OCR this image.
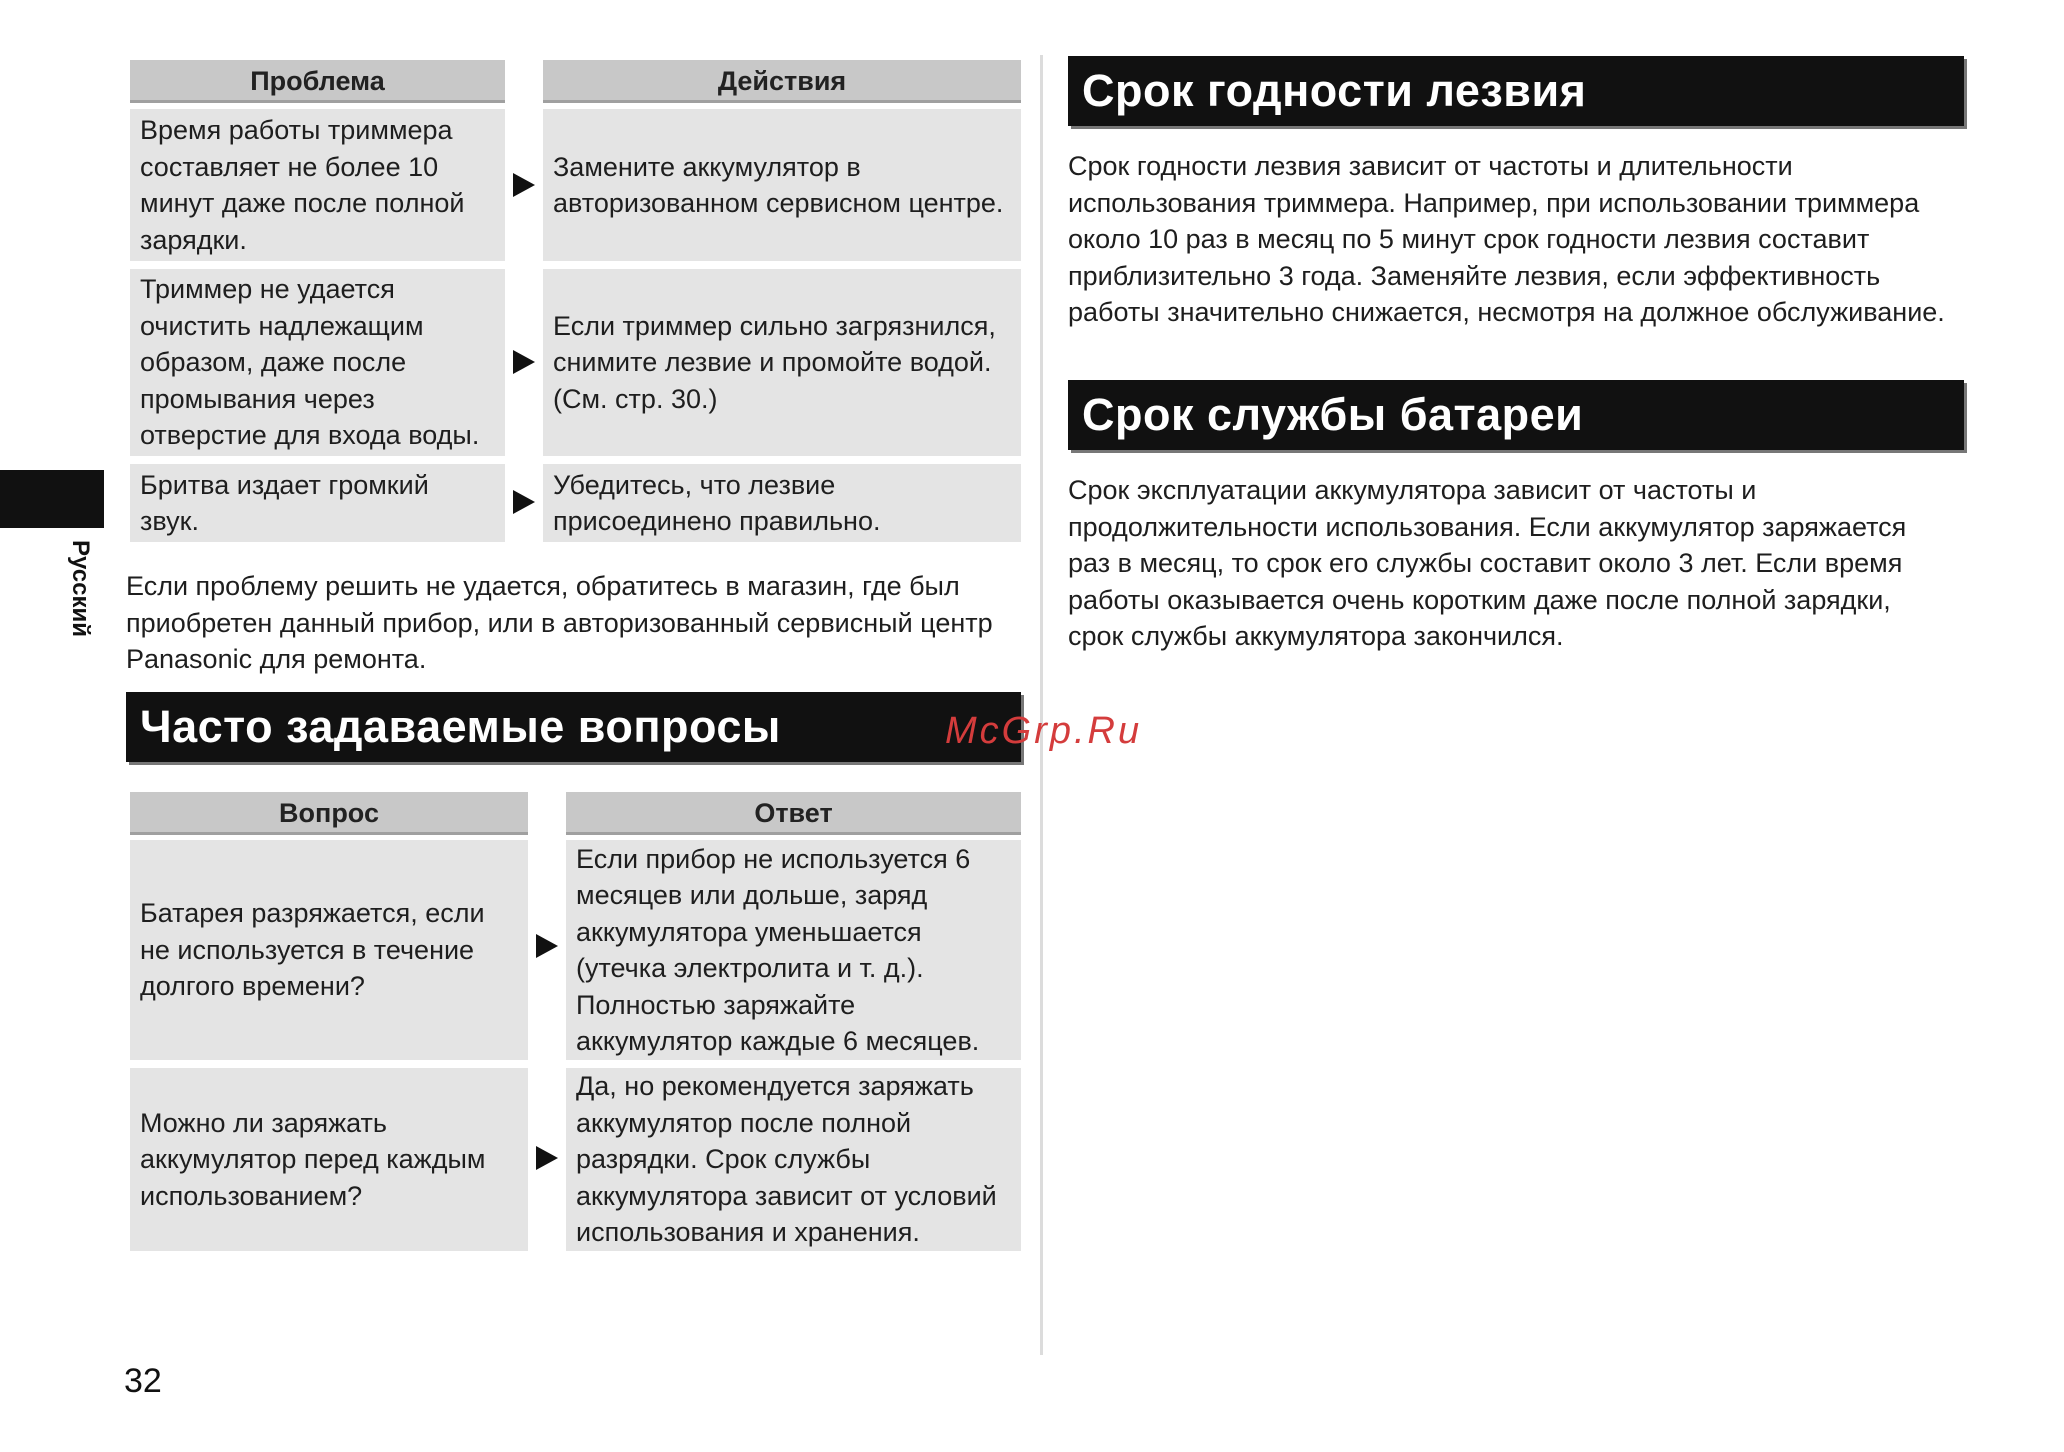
Русский
Проблема	Действия
Время работы триммера составляет не более 10 минут даже после полной зарядки.
Замените аккумулятор в авторизованном сервисном центре.
Триммер не удается очистить надлежащим образом, даже после промывания через отверстие для входа воды.
Если триммер сильно загрязнился, снимите лезвие и промойте водой. (См. стр. 30.)
Бритва издает громкий звук.
Убедитесь, что лезвие присоединено правильно.
Если проблему решить не удается, обратитесь в магазин, где был приобретен данный прибор, или в авторизованный сервисный центр Panasonic для ремонта.
Часто задаваемые вопросы
Вопрос	Ответ
Батарея разряжается, если не используется в течение долгого времени?
Если прибор не используется 6 месяцев или дольше, заряд аккумулятора уменьшается (утечка электролита и т. д.). Полностью заряжайте аккумулятор каждые 6 месяцев.
Можно ли заряжать аккумулятор перед каждым использованием?
Да, но рекомендуется заряжать аккумулятор после полной разрядки. Срок службы аккумулятора зависит от условий использования и хранения.
Срок годности лезвия
Срок годности лезвия зависит от частоты и длительности использования триммера. Например, при использовании триммера около 10 раз в месяц по 5 минут срок годности лезвия составит приблизительно 3 года. Заменяйте лезвия, если эффективность работы значительно снижается, несмотря на должное обслуживание.
Срок службы батареи
Срок эксплуатации аккумулятора зависит от частоты и продолжительности использования. Если аккумулятор заряжается раз в месяц, то срок его службы составит около 3 лет. Если время работы оказывается очень коротким даже после полной зарядки, срок службы аккумулятора закончился.
McGrp.Ru
32
